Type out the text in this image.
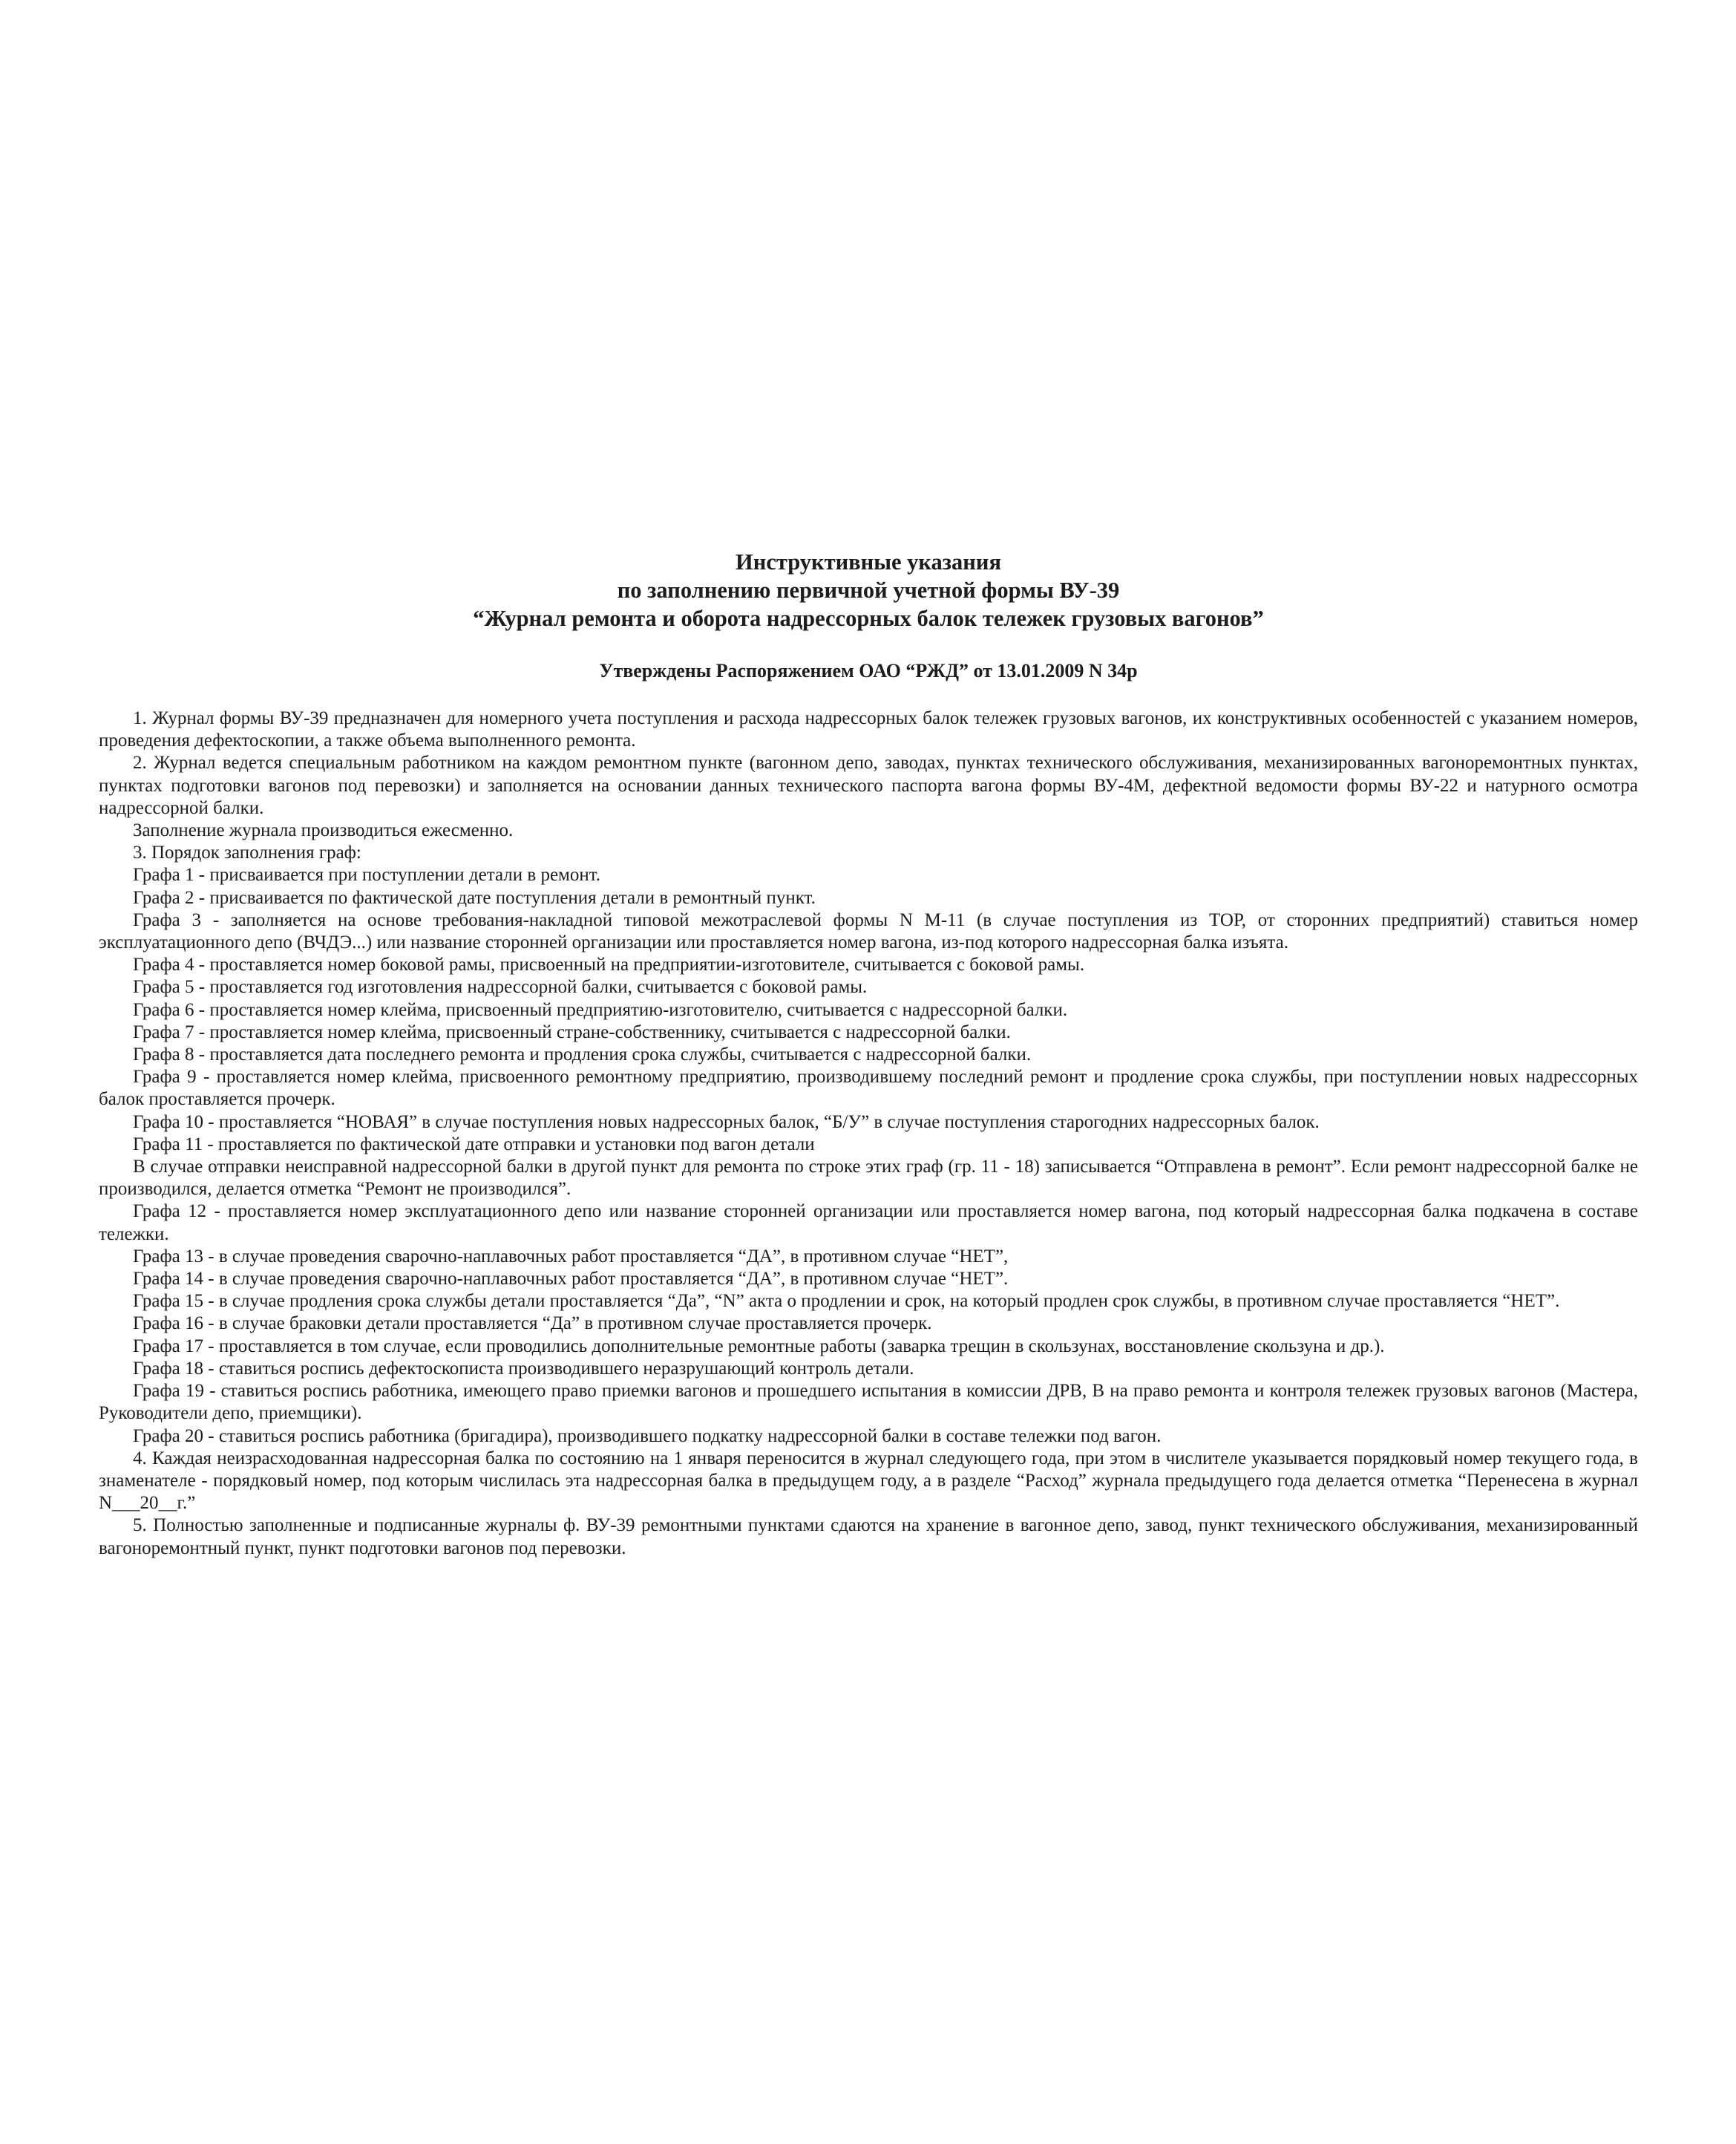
Инструктивные указания
по заполнению первичной учетной формы ВУ-39
“Журнал ремонта и оборота надрессорных балок тележек грузовых вагонов”
Утверждены Распоряжением ОАО “РЖД” от 13.01.2009 N 34р

1. Журнал формы ВУ-39 предназначен для номерного учета поступления и расхода надрессорных балок тележек грузовых вагонов, их конструктивных особенностей с указанием номеров, проведения дефектоскопии, а также объема выполненного ремонта.

2. Журнал ведется специальным работником на каждом ремонтном пункте (вагонном депо, заводах, пунктах технического обслуживания, механизированных вагоноремонтных пунктах, пунктах подготовки вагонов под перевозки) и заполняется на основании данных технического паспорта вагона формы ВУ-4М, дефектной ведомости формы ВУ-22 и натурного осмотра надрессорной балки.

Заполнение журнала производиться ежесменно.

3. Порядок заполнения граф:

Графа 1 - присваивается при поступлении детали в ремонт.

Графа 2 - присваивается по фактической дате поступления детали в ремонтный пункт.

Графа 3 - заполняется на основе требования-накладной типовой межотраслевой формы N М-11 (в случае поступления из ТОР, от сторонних предприятий) ставиться номер эксплуатационного депо (ВЧДЭ...) или название сторонней организации или проставляется номер вагона, из-под которого надрессорная балка изъята.

Графа 4 - проставляется номер боковой рамы, присвоенный на предприятии-изготовителе, считывается с боковой рамы.

Графа 5 - проставляется год изготовления надрессорной балки, считывается с боковой рамы.

Графа 6 - проставляется номер клейма, присвоенный предприятию-изготовителю, считывается с надрессорной балки.

Графа 7 - проставляется номер клейма, присвоенный стране-собственнику, считывается с надрессорной балки.

Графа 8 - проставляется дата последнего ремонта и продления срока службы, считывается с надрессорной балки.

Графа 9 - проставляется номер клейма, присвоенного ремонтному предприятию, производившему последний ремонт и продление срока службы, при поступлении новых надрессорных балок проставляется прочерк.

Графа 10 - проставляется “НОВАЯ” в случае поступления новых надрессорных балок, “Б/У” в случае поступления старогодних надрессорных балок.

Графа 11 - проставляется по фактической дате отправки и установки под вагон детали

В случае отправки неисправной надрессорной балки в другой пункт для ремонта по строке этих граф (гр. 11 - 18) записывается “Отправлена в ремонт”. Если ремонт надрессорной балке не производился, делается отметка “Ремонт не производился”.

Графа 12 - проставляется номер эксплуатационного депо или название сторонней организации или проставляется номер вагона, под который надрессорная балка подкачена в составе тележки.

Графа 13 - в случае проведения сварочно-наплавочных работ проставляется “ДА”, в противном случае “НЕТ”,

Графа 14 - в случае проведения сварочно-наплавочных работ проставляется “ДА”, в противном случае “НЕТ”.

Графа 15 - в случае продления срока службы детали проставляется “Да”, “N” акта о продлении и срок, на который продлен срок службы, в противном случае проставляется “НЕТ”.

Графа 16 - в случае браковки детали проставляется “Да” в противном случае проставляется прочерк.

Графа 17 - проставляется в том случае, если проводились дополнительные ремонтные работы (заварка трещин в скользунах, восстановление скользуна и др.).

Графа 18 - ставиться роспись дефектоскописта производившего неразрушающий контроль детали.

Графа 19 - ставиться роспись работника, имеющего право приемки вагонов и прошедшего испытания в комиссии ДРВ, В на право ремонта и контроля тележек грузовых вагонов (Мастера, Руководители депо, приемщики).

Графа 20 - ставиться роспись работника (бригадира), производившего подкатку надрессорной балки в составе тележки под вагон.

4. Каждая неизрасходованная надрессорная балка по состоянию на 1 января переносится в журнал следующего года, при этом в числителе указывается порядковый номер текущего года, в знаменателе - порядковый номер, под которым числилась эта надрессорная балка в предыдущем году, а в разделе “Расход” журнала предыдущего года делается отметка “Перенесена в журнал N___20__г.”

5. Полностью заполненные и подписанные журналы ф. ВУ-39 ремонтными пунктами сдаются на хранение в вагонное депо, завод, пункт технического обслуживания, механизированный вагоноремонтный пункт, пункт подготовки вагонов под перевозки.
